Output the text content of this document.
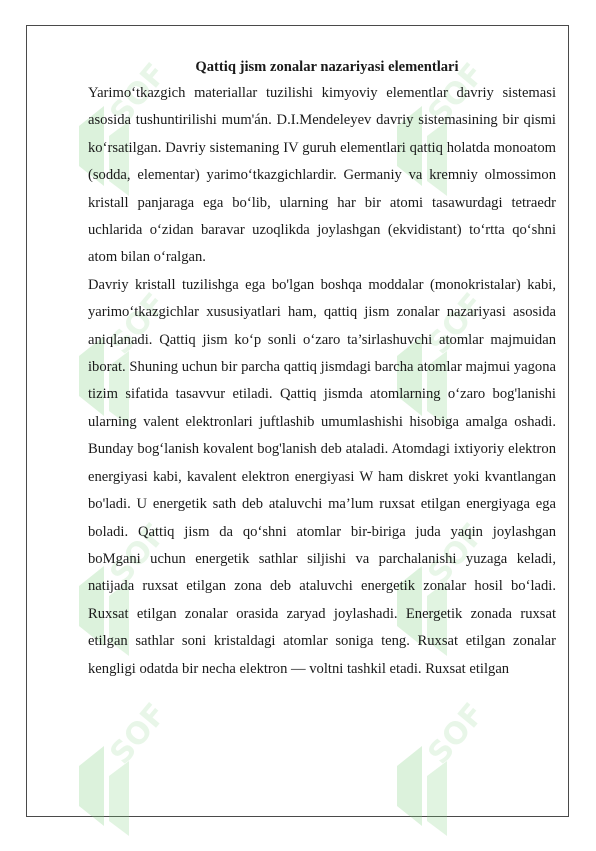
SOF	SOF
SOF	SOF
SOF	SOF
SOF	SOF

Qattiq jism zonalar nazariyasi elementlari

Yarimo‘tkazgich materiallar tuzilishi kimyoviy elementlar davriy sistemasi asosida tushuntirilishi mum'án. D.I.Mendeleyev davriy sistemasining bir qismi ko‘rsatilgan. Davriy sistemaning IV guruh elementlari qattiq holatda monoatom (sodda, elementar) yarimo‘tkazgichlardir. Germaniy va kremniy olmossimon kristall panjaraga ega bo‘lib, ularning har bir atomi tasawurdagi tetraedr uchlarida o‘zidan baravar uzoqlikda joylashgan (ekvidistant) to‘rtta qo‘shni atom bilan o‘ralgan.

Davriy kristall tuzilishga ega bo'lgan boshqa moddalar (monokristalar) kabi, yarimo‘tkazgichlar xususiyatlari ham, qattiq jism zonalar nazariyasi asosida aniqlanadi. Qattiq jism ko‘p sonli o‘zaro ta’sirlashuvchi atomlar majmuidan iborat. Shuning uchun bir parcha qattiq jismdagi barcha atomlar majmui yagona tizim sifatida tasavvur etiladi. Qattiq jismda atomlarning o‘zaro bog'lanishi ularning valent elektronlari juftlashib umumlashishi hisobiga amalga oshadi. Bunday bog‘lanish kovalent bog'lanish deb ataladi. Atomdagi ixtiyoriy elektron energiyasi kabi, kavalent elektron energiyasi W ham diskret yoki kvantlangan bo'ladi. U energetik sath deb ataluvchi ma’lum ruxsat etilgan energiyaga ega boladi. Qattiq jism da qo‘shni atomlar bir-biriga juda yaqin joylashgan boMgani uchun energetik sathlar siljishi va parchalanishi yuzaga keladi, natijada ruxsat etilgan zona deb ataluvchi energetik zonalar hosil bo‘ladi. Ruxsat etilgan zonalar orasida zaryad joylashadi. Energetik zonada ruxsat etilgan sathlar soni kristaldagi atomlar soniga teng. Ruxsat etilgan zonalar kengligi odatda bir necha elektron — voltni tashkil etadi. Ruxsat etilgan
